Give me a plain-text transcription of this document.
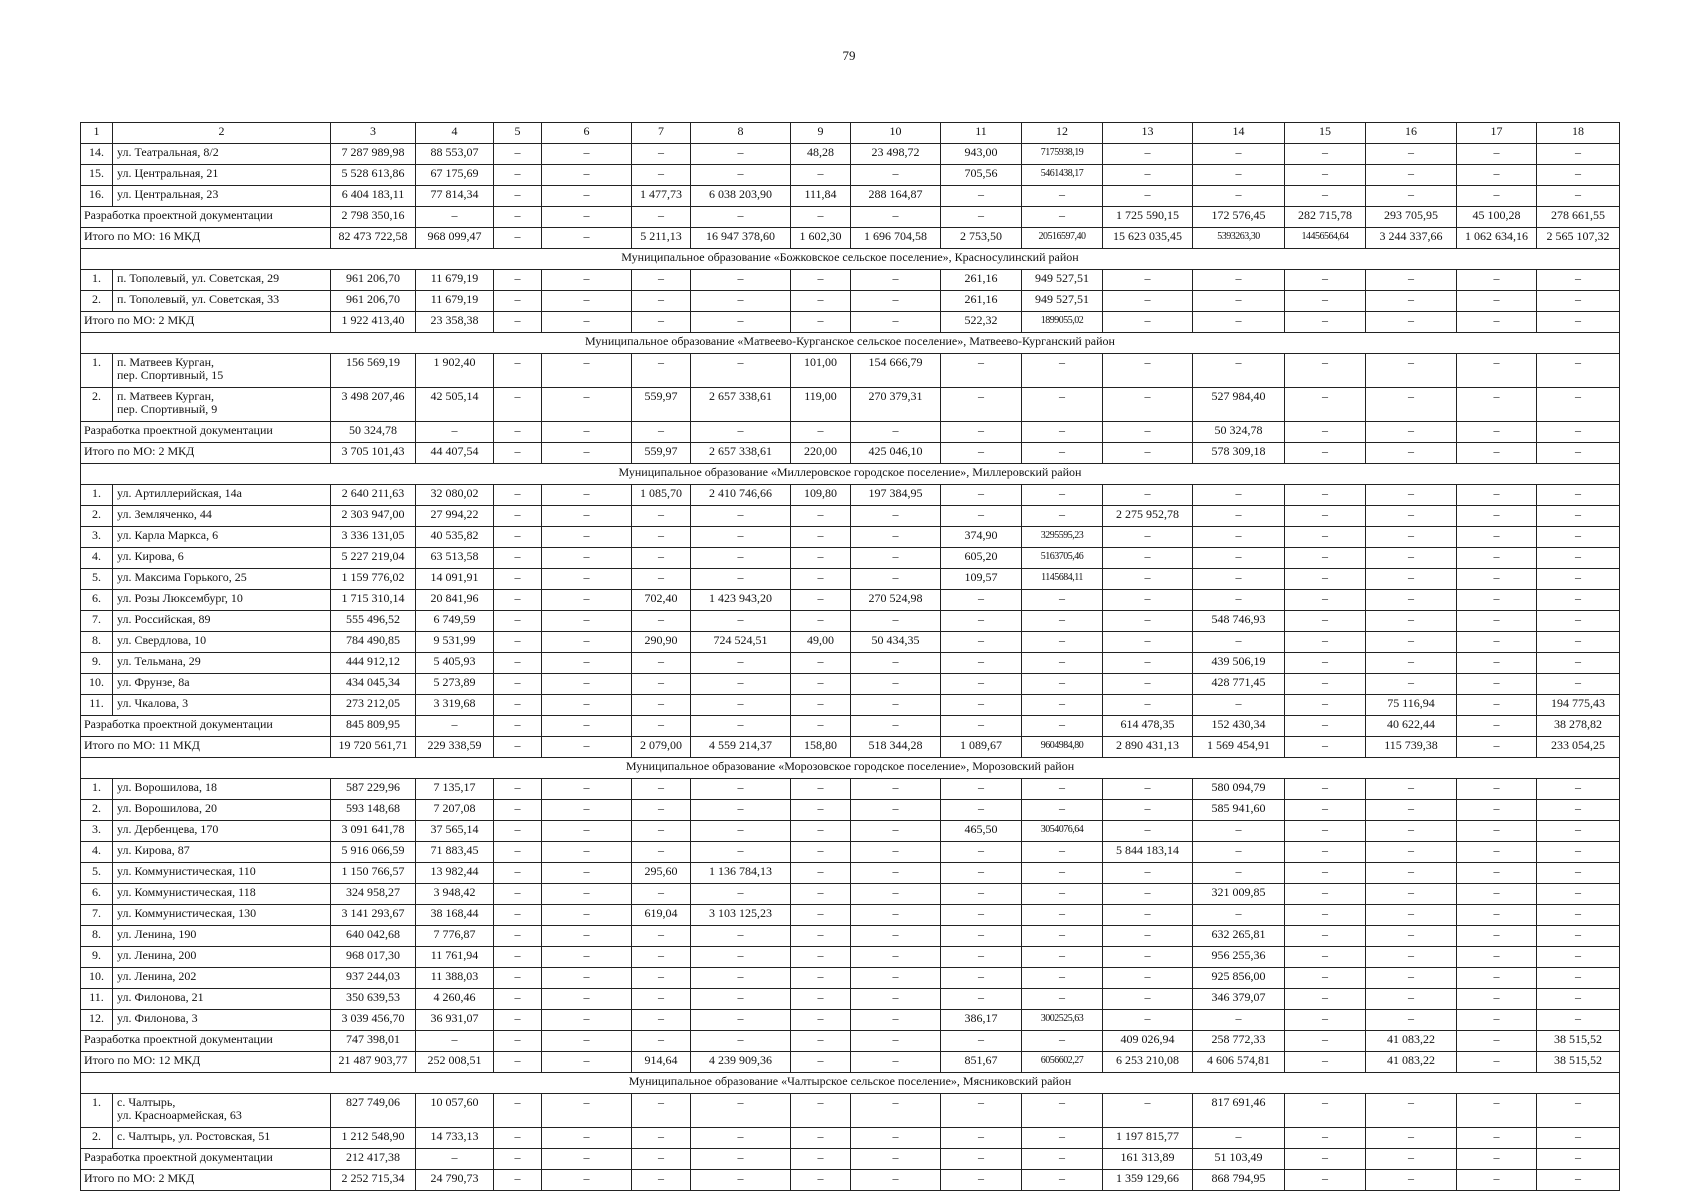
79
1	2	3	4	5	6	7	8	9	10	11	12	13	14	15	16	17	18
14.	ул. Театральная, 8/2	7 287 989,98	88 553,07	–	–	–	–	48,28	23 498,72	943,00	7175938,19	–	–	–	–	–	–
15.	ул. Центральная, 21	5 528 613,86	67 175,69	–	–	–	–	–	–	705,56	5461438,17	–	–	–	–	–	–
16.	ул. Центральная, 23	6 404 183,11	77 814,34	–	–	1 477,73	6 038 203,90	111,84	288 164,87	–	–	–	–	–	–	–	–
Разработка проектной документации		2 798 350,16	–	–	–	–	–	–	–	–	–	1 725 590,15	172 576,45	282 715,78	293 705,95	45 100,28	278 661,55
Итого по МО: 16 МКД		82 473 722,58	968 099,47	–	–	5 211,13	16 947 378,60	1 602,30	1 696 704,58	2 753,50	20516597,40	15 623 035,45	5393263,30	14456564,64	3 244 337,66	1 062 634,16	2 565 107,32
Муниципальное образование «Божковское сельское поселение», Красносулинский район																	
1.	п. Тополевый, ул. Советская, 29	961 206,70	11 679,19	–	–	–	–	–	–	261,16	949 527,51	–	–	–	–	–	–
2.	п. Тополевый, ул. Советская, 33	961 206,70	11 679,19	–	–	–	–	–	–	261,16	949 527,51	–	–	–	–	–	–
Итого по МО: 2 МКД		1 922 413,40	23 358,38	–	–	–	–	–	–	522,32	1899055,02	–	–	–	–	–	–
Муниципальное образование «Матвеево-Курганское сельское поселение», Матвеево-Курганский район																	
1.	п. Матвеев Курган,
пер. Спортивный, 15	156 569,19	1 902,40	–	–	–	–	101,00	154 666,79	–	–	–	–	–	–	–	–
2.	п. Матвеев Курган,
пер. Спортивный, 9	3 498 207,46	42 505,14	–	–	559,97	2 657 338,61	119,00	270 379,31	–	–	–	527 984,40	–	–	–	–
Разработка проектной документации		50 324,78	–	–	–	–	–	–	–	–	–	–	50 324,78	–	–	–	–
Итого по МО: 2 МКД		3 705 101,43	44 407,54	–	–	559,97	2 657 338,61	220,00	425 046,10	–	–	–	578 309,18	–	–	–	–
Муниципальное образование «Миллеровское городское поселение», Миллеровский район																	
1.	ул. Артиллерийская, 14а	2 640 211,63	32 080,02	–	–	1 085,70	2 410 746,66	109,80	197 384,95	–	–	–	–	–	–	–	–
2.	ул. Земляченко, 44	2 303 947,00	27 994,22	–	–	–	–	–	–	–	–	2 275 952,78	–	–	–	–	–
3.	ул. Карла Маркса, 6	3 336 131,05	40 535,82	–	–	–	–	–	–	374,90	3295595,23	–	–	–	–	–	–
4.	ул. Кирова, 6	5 227 219,04	63 513,58	–	–	–	–	–	–	605,20	5163705,46	–	–	–	–	–	–
5.	ул. Максима Горького, 25	1 159 776,02	14 091,91	–	–	–	–	–	–	109,57	1145684,11	–	–	–	–	–	–
6.	ул. Розы Люксембург, 10	1 715 310,14	20 841,96	–	–	702,40	1 423 943,20	–	270 524,98	–	–	–	–	–	–	–	–
7.	ул. Российская, 89	555 496,52	6 749,59	–	–	–	–	–	–	–	–	–	548 746,93	–	–	–	–
8.	ул. Свердлова, 10	784 490,85	9 531,99	–	–	290,90	724 524,51	49,00	50 434,35	–	–	–	–	–	–	–	–
9.	ул. Тельмана, 29	444 912,12	5 405,93	–	–	–	–	–	–	–	–	–	439 506,19	–	–	–	–
10.	ул. Фрунзе, 8а	434 045,34	5 273,89	–	–	–	–	–	–	–	–	–	428 771,45	–	–	–	–
11.	ул. Чкалова, 3	273 212,05	3 319,68	–	–	–	–	–	–	–	–	–	–	–	75 116,94	–	194 775,43
Разработка проектной документации		845 809,95	–	–	–	–	–	–	–	–	–	614 478,35	152 430,34	–	40 622,44	–	38 278,82
Итого по МО: 11 МКД		19 720 561,71	229 338,59	–	–	2 079,00	4 559 214,37	158,80	518 344,28	1 089,67	9604984,80	2 890 431,13	1 569 454,91	–	115 739,38	–	233 054,25
Муниципальное образование «Морозовское городское поселение», Морозовский район																	
1.	ул. Ворошилова, 18	587 229,96	7 135,17	–	–	–	–	–	–	–	–	–	580 094,79	–	–	–	–
2.	ул. Ворошилова, 20	593 148,68	7 207,08	–	–	–	–	–	–	–	–	–	585 941,60	–	–	–	–
3.	ул. Дербенцева, 170	3 091 641,78	37 565,14	–	–	–	–	–	–	465,50	3054076,64	–	–	–	–	–	–
4.	ул. Кирова, 87	5 916 066,59	71 883,45	–	–	–	–	–	–	–	–	5 844 183,14	–	–	–	–	–
5.	ул. Коммунистическая, 110	1 150 766,57	13 982,44	–	–	295,60	1 136 784,13	–	–	–	–	–	–	–	–	–	–
6.	ул. Коммунистическая, 118	324 958,27	3 948,42	–	–	–	–	–	–	–	–	–	321 009,85	–	–	–	–
7.	ул. Коммунистическая, 130	3 141 293,67	38 168,44	–	–	619,04	3 103 125,23	–	–	–	–	–	–	–	–	–	–
8.	ул. Ленина, 190	640 042,68	7 776,87	–	–	–	–	–	–	–	–	–	632 265,81	–	–	–	–
9.	ул. Ленина, 200	968 017,30	11 761,94	–	–	–	–	–	–	–	–	–	956 255,36	–	–	–	–
10.	ул. Ленина, 202	937 244,03	11 388,03	–	–	–	–	–	–	–	–	–	925 856,00	–	–	–	–
11.	ул. Филонова, 21	350 639,53	4 260,46	–	–	–	–	–	–	–	–	–	346 379,07	–	–	–	–
12.	ул. Филонова, 3	3 039 456,70	36 931,07	–	–	–	–	–	–	386,17	3002525,63	–	–	–	–	–	–
Разработка проектной документации		747 398,01	–	–	–	–	–	–	–	–	–	409 026,94	258 772,33	–	41 083,22	–	38 515,52
Итого по МО: 12 МКД		21 487 903,77	252 008,51	–	–	914,64	4 239 909,36	–	–	851,67	6056602,27	6 253 210,08	4 606 574,81	–	41 083,22	–	38 515,52
Муниципальное образование «Чалтырское сельское поселение», Мясниковский район																	
1.	с. Чалтырь,
ул. Красноармейская, 63	827 749,06	10 057,60	–	–	–	–	–	–	–	–	–	817 691,46	–	–	–	–
2.	с. Чалтырь, ул. Ростовская, 51	1 212 548,90	14 733,13	–	–	–	–	–	–	–	–	1 197 815,77	–	–	–	–	–
Разработка проектной документации		212 417,38	–	–	–	–	–	–	–	–	–	161 313,89	51 103,49	–	–	–	–
Итого по МО: 2 МКД		2 252 715,34	24 790,73	–	–	–	–	–	–	–	–	1 359 129,66	868 794,95	–	–	–	–
